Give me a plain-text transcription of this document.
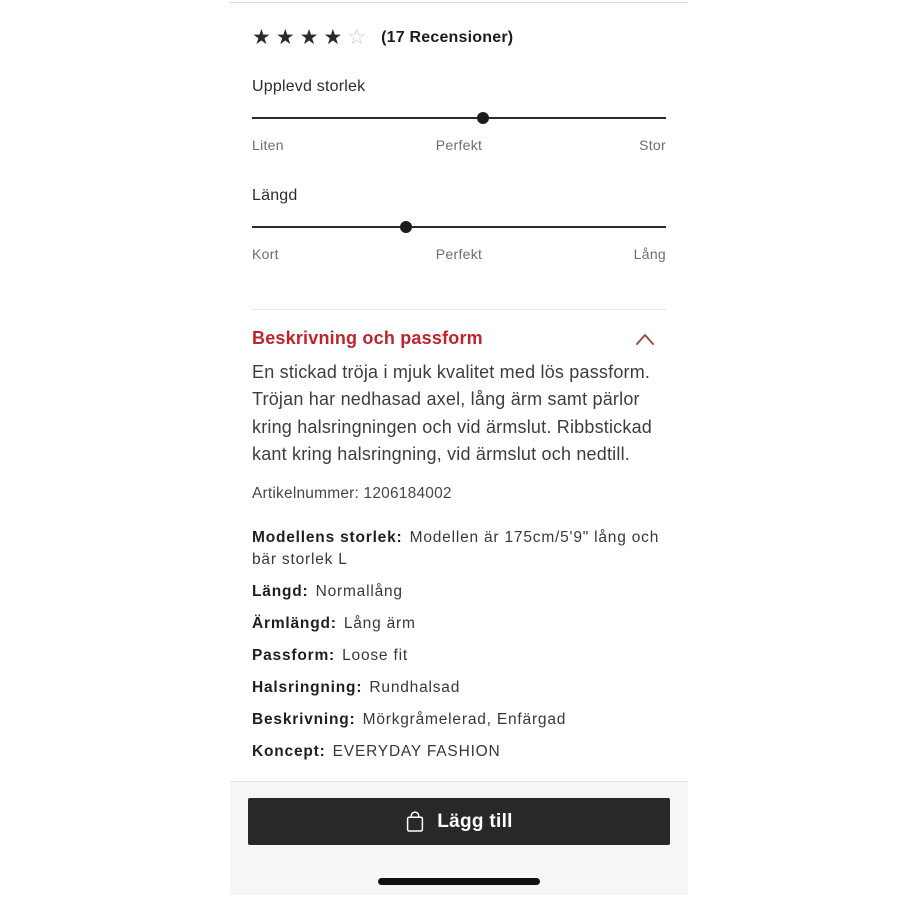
★ ★ ★ ★ ☆ (17 Recensioner)
Upplevd storlek
Liten	Perfekt	Stor
Längd
Kort	Perfekt	Lång
Beskrivning och passform

En stickad tröja i mjuk kvalitet med lös passform. Tröjan har nedhasad axel, lång ärm samt pärlor kring halsringningen och vid ärmslut. Ribbstickad kant kring halsringning, vid ärmslut och nedtill.

Artikelnummer: 1206184002
Modellens storlek: Modellen är 175cm/5'9" lång och bär storlek L
Längd: Normallång
Ärmlängd: Lång ärm
Passform: Loose fit
Halsringning: Rundhalsad
Beskrivning: Mörkgråmelerad, Enfärgad
Koncept: EVERYDAY FASHION
Lägg till
